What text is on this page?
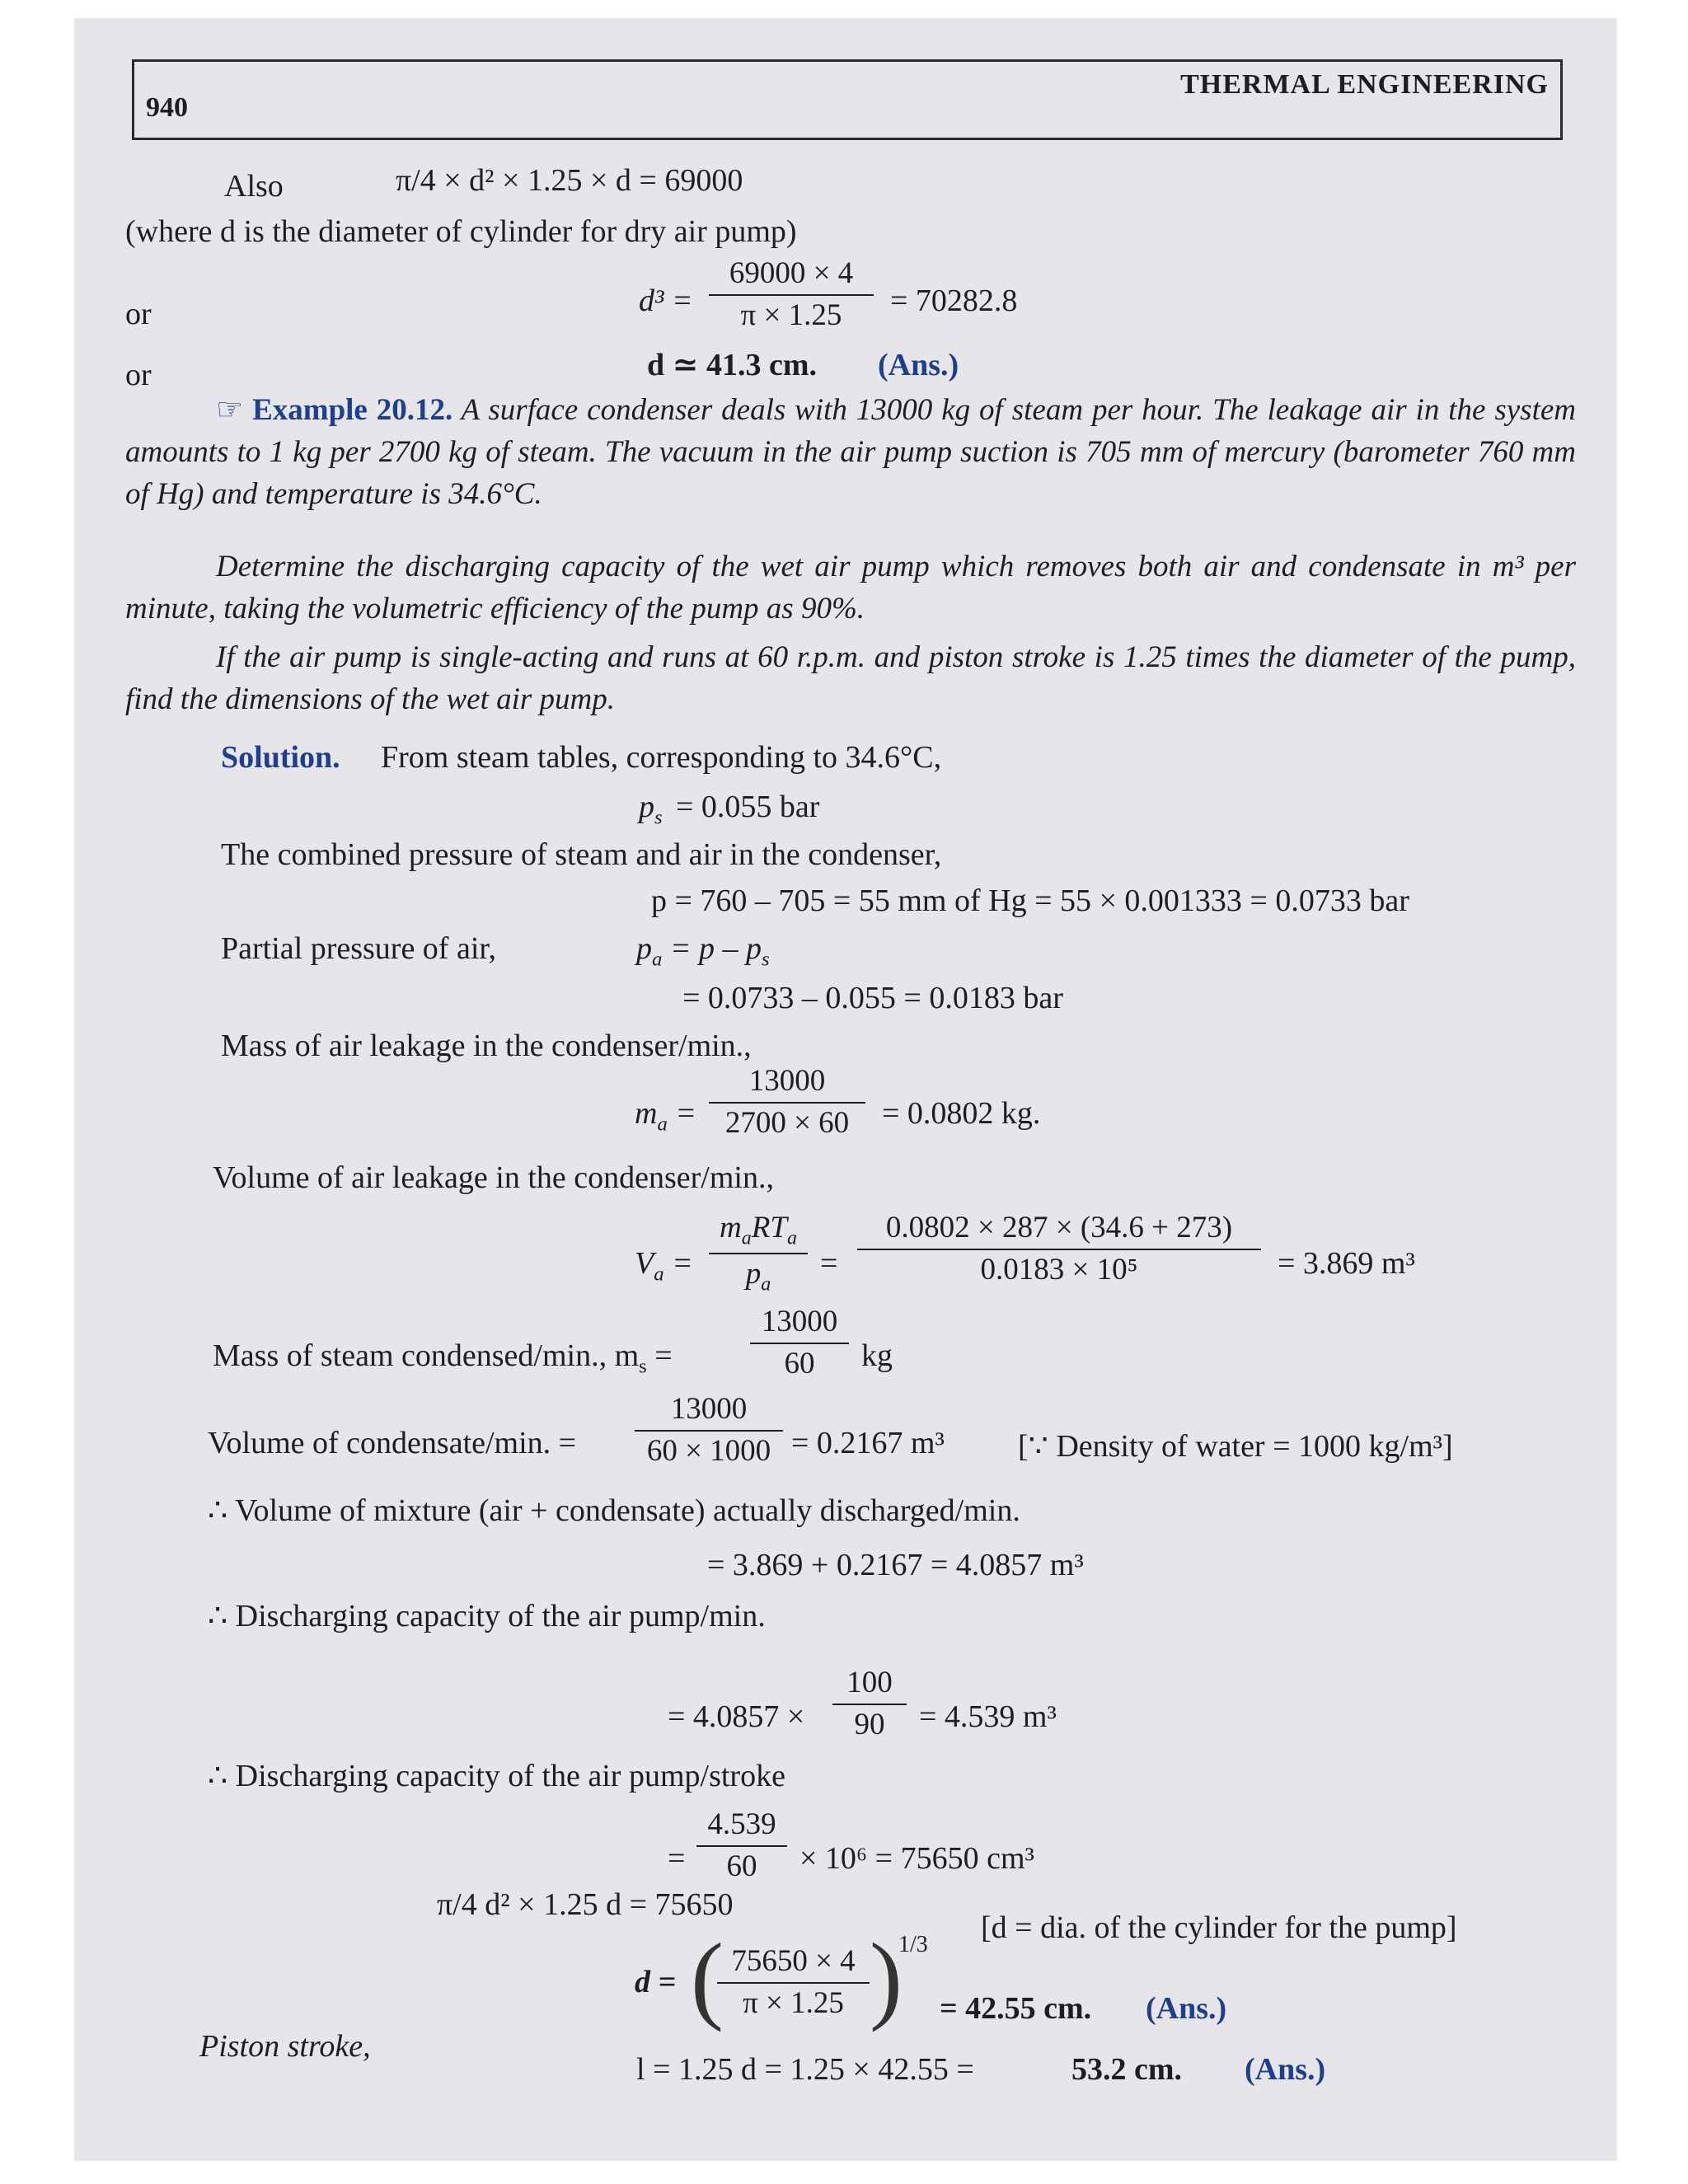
940
THERMAL ENGINEERING
Also	π/4 × d² × 1.25 × d = 69000
(where d is the diameter of cylinder for dry air pump)
or	d³ =
69000 × 4
π × 1.25	= 70282.8
or	d ≃ 41.3 cm. (Ans.)
☞ Example 20.12. A surface condenser deals with 13000 kg of steam per hour. The leakage air in the system amounts to 1 kg per 2700 kg of steam. The vacuum in the air pump suction is 705 mm of mercury (barometer 760 mm of Hg) and temperature is 34.6°C.
Determine the discharging capacity of the wet air pump which removes both air and condensate in m³ per minute, taking the volumetric efficiency of the pump as 90%.
If the air pump is single-acting and runs at 60 r.p.m. and piston stroke is 1.25 times the diameter of the pump, find the dimensions of the wet air pump.
Solution. From steam tables, corresponding to 34.6°C,
$p_s = 0.055$ bar
The combined pressure of steam and air in the condenser,
p = 760 – 705 = 55 mm of Hg = 55 × 0.001333 = 0.0733 bar
Partial pressure of air,	$p_a = p - p_s$
= 0.0733 – 0.055 = 0.0183 bar
Mass of air leakage in the condenser/min.,
$m_a$ =
13000
2700 × 60	= 0.0802 kg.
Volume of air leakage in the condenser/min.,
$V_a$ =
$m_aRT_a$
$p_a$
=
0.0802 × 287 × (34.6 + 273)
0.0183 × 10⁵	= 3.869 m³
Mass of steam condensed/min., $m_s$ =
13000
60	kg
Volume of condensate/min. =
13000
60 × 1000 = 0.2167 m³ [∵ Density of water = 1000 kg/m³]
∴ Volume of mixture (air + condensate) actually discharged/min.
= 3.869 + 0.2167 = 4.0857 m³
∴ Discharging capacity of the air pump/min.
= 4.0857 ×
100
90	= 4.539 m³
∴ Discharging capacity of the air pump/stroke
=
4.539
60	× 10⁶ = 75650 cm³
π/4 d² × 1.25 d = 75650
[d = dia. of the cylinder for the pump]
d = ( 75650 × 4
π × 1.25 )
1/3
= 42.55 cm. (Ans.)
Piston stroke,
l = 1.25 d = 1.25 × 42.55 =	53.2 cm. (Ans.)
